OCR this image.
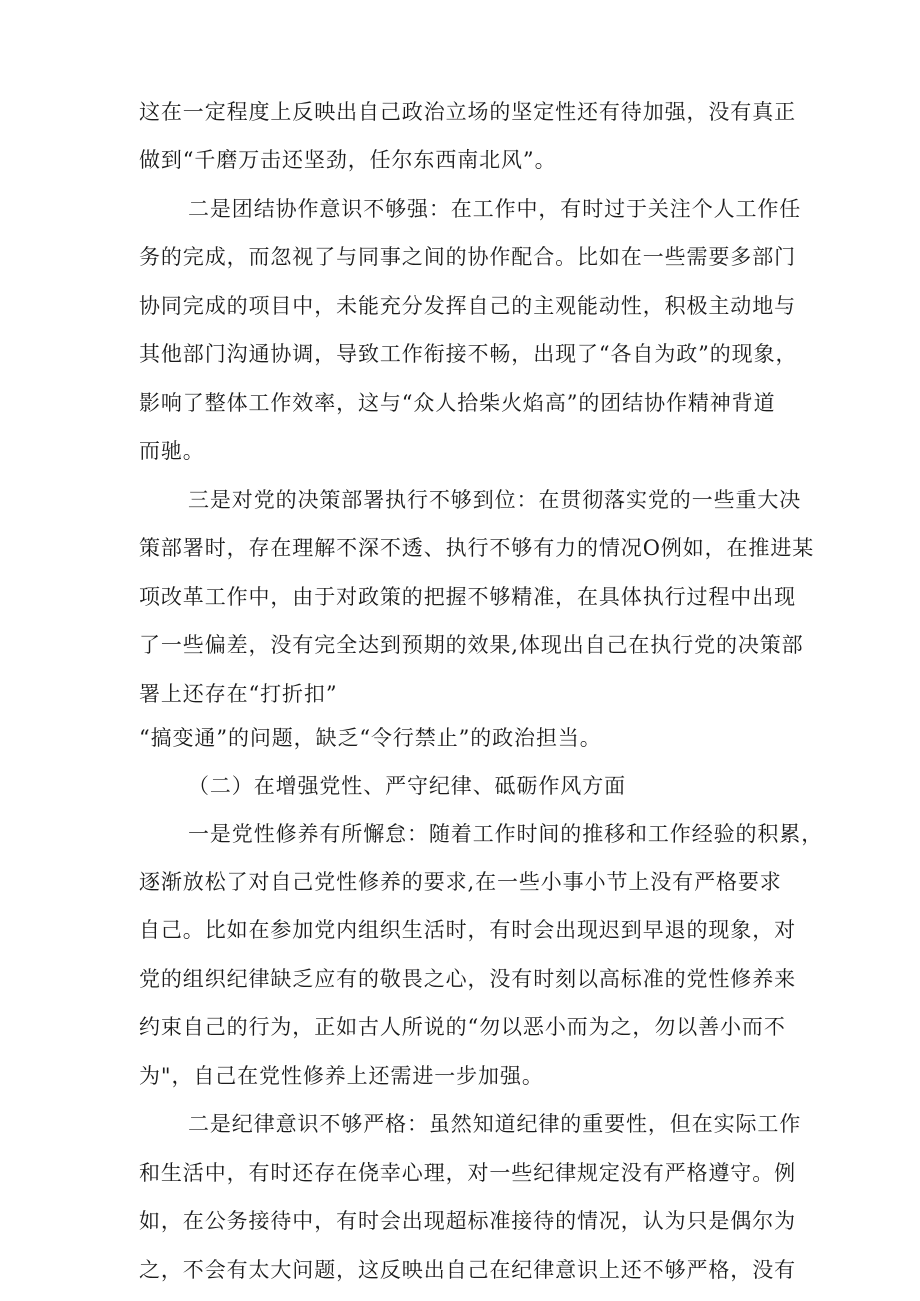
这在一定程度上反映出自己政治立场的坚定性还有待加强，没有真正
做到“千磨万击还坚劲，任尔东西南北风”。
二是团结协作意识不够强：在工作中，有时过于关注个人工作任
务的完成，而忽视了与同事之间的协作配合。比如在一些需要多部门
协同完成的项目中，未能充分发挥自己的主观能动性，积极主动地与
其他部门沟通协调，导致工作衔接不畅，出现了“各自为政”的现象，
影响了整体工作效率，这与“众人拾柴火焰高”的团结协作精神背道
而驰。
三是对党的决策部署执行不够到位：在贯彻落实党的一些重大决
策部署时，存在理解不深不透、执行不够有力的情况O例如，在推进某
项改革工作中，由于对政策的把握不够精准，在具体执行过程中出现
了一些偏差，没有完全达到预期的效果,体现出自己在执行党的决策部
署上还存在“打折扣”
“搞变通”的问题，缺乏“令行禁止”的政治担当。
（二）在增强党性、严守纪律、砥砺作风方面
一是党性修养有所懈怠：随着工作时间的推移和工作经验的积累，
逐渐放松了对自己党性修养的要求,在一些小事小节上没有严格要求
自己。比如在参加党内组织生活时，有时会出现迟到早退的现象，对
党的组织纪律缺乏应有的敬畏之心，没有时刻以高标准的党性修养来
约束自己的行为，正如古人所说的“勿以恶小而为之，勿以善小而不
为"，自己在党性修养上还需进一步加强。
二是纪律意识不够严格：虽然知道纪律的重要性，但在实际工作
和生活中，有时还存在侥幸心理，对一些纪律规定没有严格遵守。例
如，在公务接待中，有时会出现超标准接待的情况，认为只是偶尔为
之，不会有太大问题，这反映出自己在纪律意识上还不够严格，没有
